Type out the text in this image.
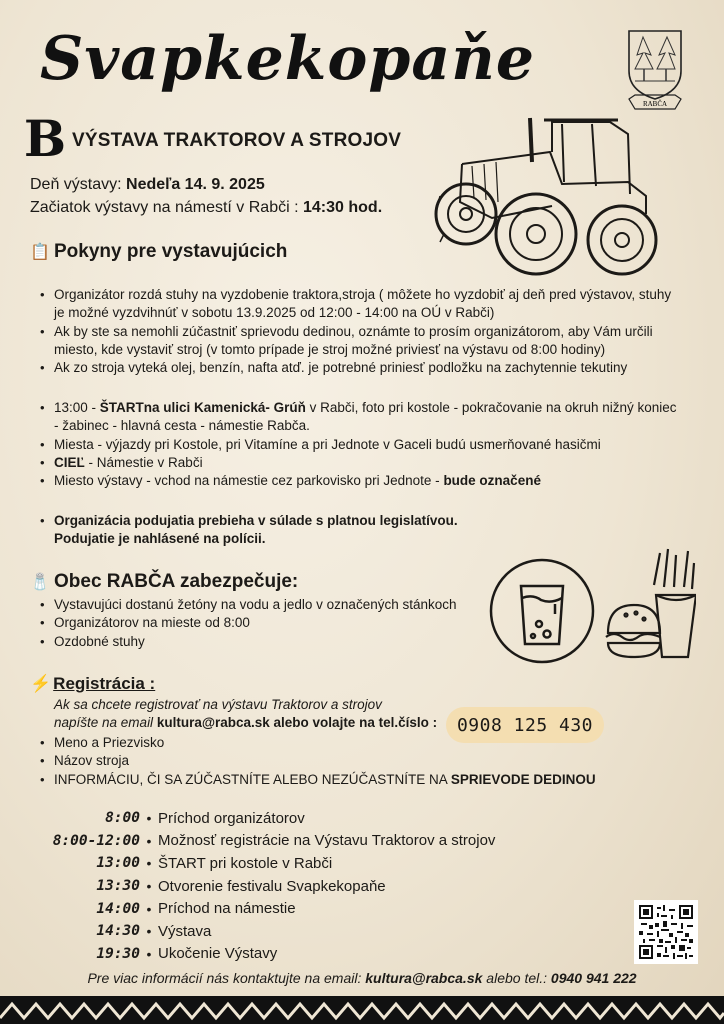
Svapkekopaňe
RABČA
B VÝSTAVA TRAKTOROV A STROJOV
Deň výstavy: Nedeľa 14. 9. 2025
Začiatok výstavy na námestí v Rabči : 14:30 hod.
📋 Pokyny pre vystavujúcich
• Organizátor rozdá stuhy na vyzdobenie traktora,stroja ( môžete ho vyzdobiť aj deň pred výstavov, stuhy je možné vyzdvihnúť v sobotu 13.9.2025 od 12:00 - 14:00 na OÚ v Rabči)
• Ak by ste sa nemohli zúčastniť sprievodu dedinou, oznámte to prosím organizátorom, aby Vám určili miesto, kde vystaviť stroj (v tomto prípade je stroj možné priviesť na výstavu od 8:00 hodiny)
• Ak zo stroja vyteká olej, benzín, nafta atď. je potrebné priniesť podložku na zachytennie tekutiny
• 13:00 - ŠTARTna ulici Kamenická- Grúň v Rabči, foto pri kostole - pokračovanie na okruh nižný koniec - žabinec - hlavná cesta - námestie Rabča.
• Miesta - výjazdy pri Kostole, pri Vitamíne a pri Jednote v Gaceli budú usmerňované hasičmi
• CIEĽ - Námestie v Rabči
• Miesto výstavy - vchod na námestie cez parkovisko pri Jednote - bude označené
• Organizácia podujatia prebieha v súlade s platnou legislatívou.
Podujatie je nahlásené na polícii.
🧂 Obec RABČA zabezpečuje:
• Vystavujúci dostanú žetóny na vodu a jedlo v označených stánkoch
• Organizátorov na mieste od 8:00
• Ozdobné stuhy
⚡ Registrácia :
Ak sa chcete registrovať na výstavu Traktorov a strojov
napíšte na email kultura@rabca.sk alebo volajte na tel.číslo :	0908 125 430
• Meno a Priezvisko
• Názov stroja
• INFORMÁCIU, ČI SA ZÚČASTNÍTE ALEBO NEZÚČASTNÍTE NA SPRIEVODE DEDINOU
8:00 • Príchod organizátorov
8:00-12:00 • Možnosť registrácie na Výstavu Traktorov a strojov
13:00 • ŠTART pri kostole v Rabči
13:30 • Otvorenie festivalu Svapkekopaňe
14:00 • Príchod na námestie
14:30 • Výstava
19:30 • Ukočenie Výstavy
Pre viac informácií nás kontaktujte na email: kultura@rabca.sk alebo tel.: 0940 941 222
